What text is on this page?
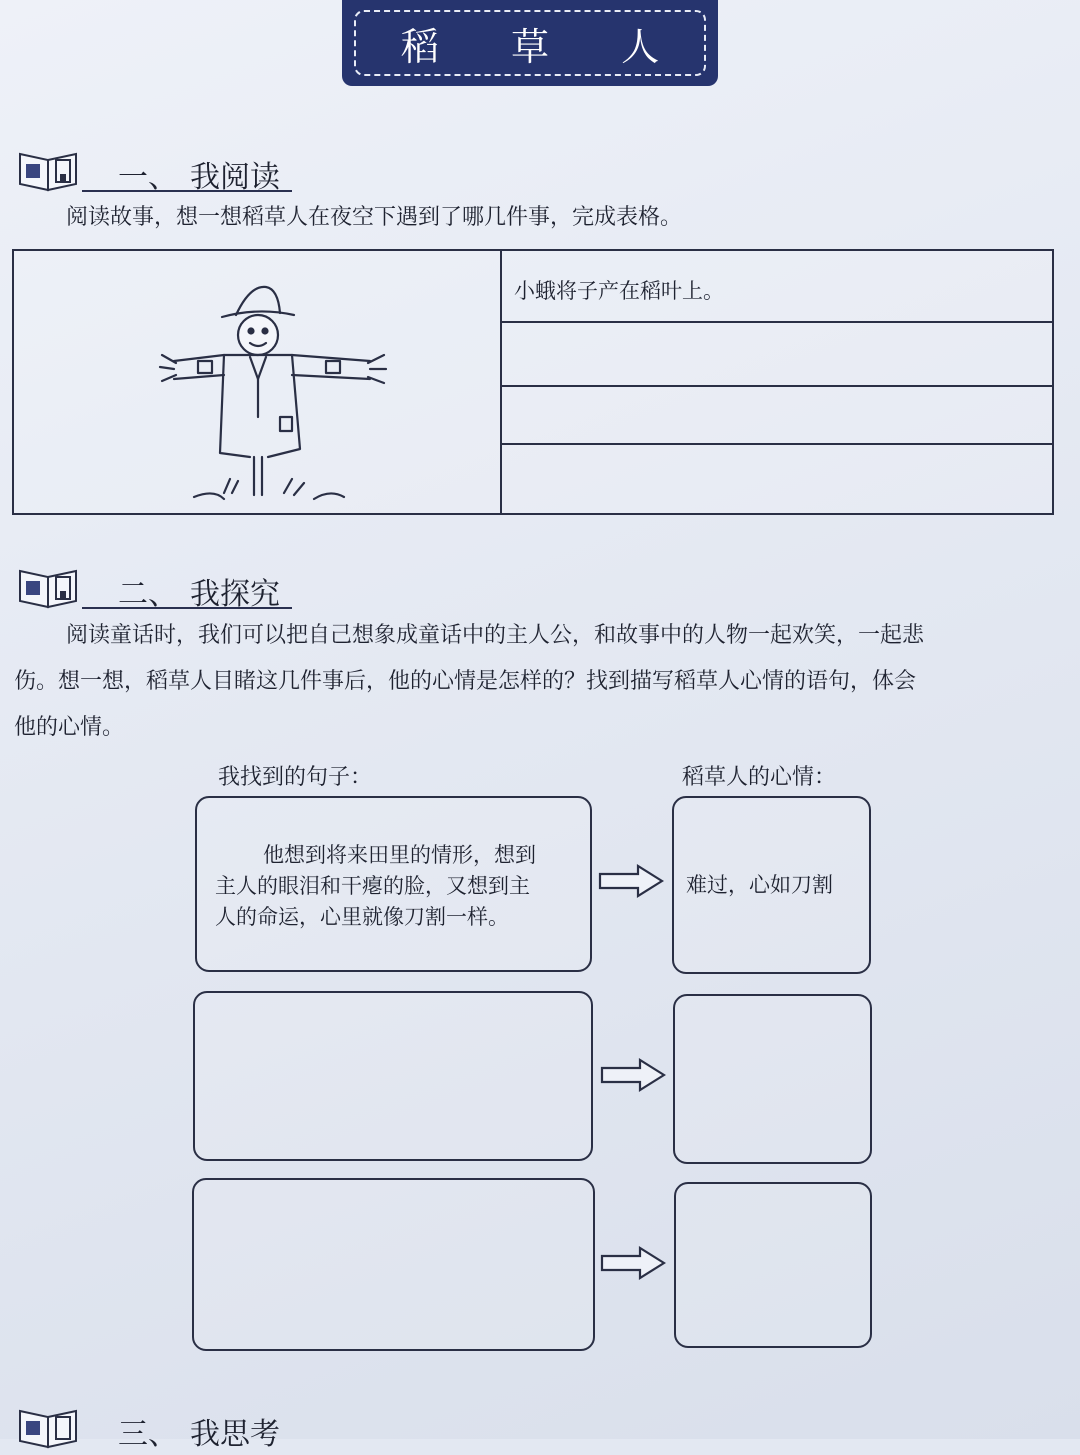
稻 草 人
一、 我阅读
阅读故事，想一想稻草人在夜空下遇到了哪几件事，完成表格。
小蛾将子产在稻叶上。
二、 我探究
阅读童话时，我们可以把自己想象成童话中的主人公，和故事中的人物一起欢笑，一起悲
伤。想一想，稻草人目睹这几件事后，他的心情是怎样的？找到描写稻草人心情的语句，体会
他的心情。
我找到的句子：	稻草人的心情：
他想到将来田里的情形，想到
主人的眼泪和干瘪的脸，又想到主
人的命运，心里就像刀割一样。
难过，心如刀割
三、 我思考
